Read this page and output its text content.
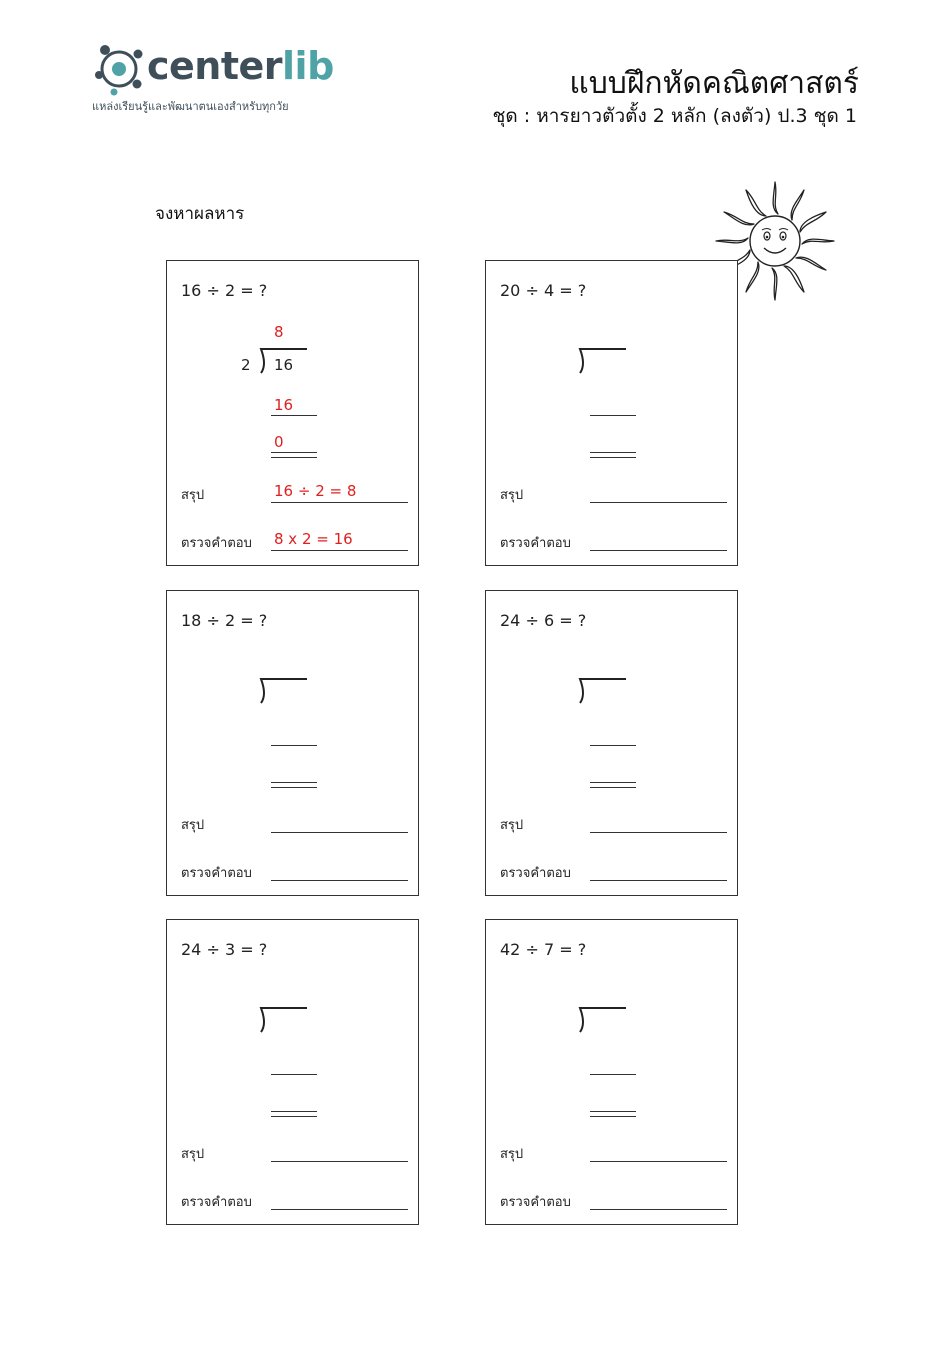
centerlib
แหล่งเรียนรู้และพัฒนาตนเองสำหรับทุกวัย
แบบฝึกหัดคณิตศาสตร์
ชุด : หารยาวตัวตั้ง 2 หลัก (ลงตัว) ป.3 ชุด 1
จงหาผลหาร
16 ÷ 2 = ?
สรุป
ตรวจคำตอบ
2 16
8
16
0
16 ÷ 2 = 8
8 x 2 = 16
20 ÷ 4 = ?
สรุป
ตรวจคำตอบ
18 ÷ 2 = ?
สรุป
ตรวจคำตอบ
24 ÷ 6 = ?
สรุป
ตรวจคำตอบ
24 ÷ 3 = ?
สรุป
ตรวจคำตอบ
42 ÷ 7 = ?
สรุป
ตรวจคำตอบ
